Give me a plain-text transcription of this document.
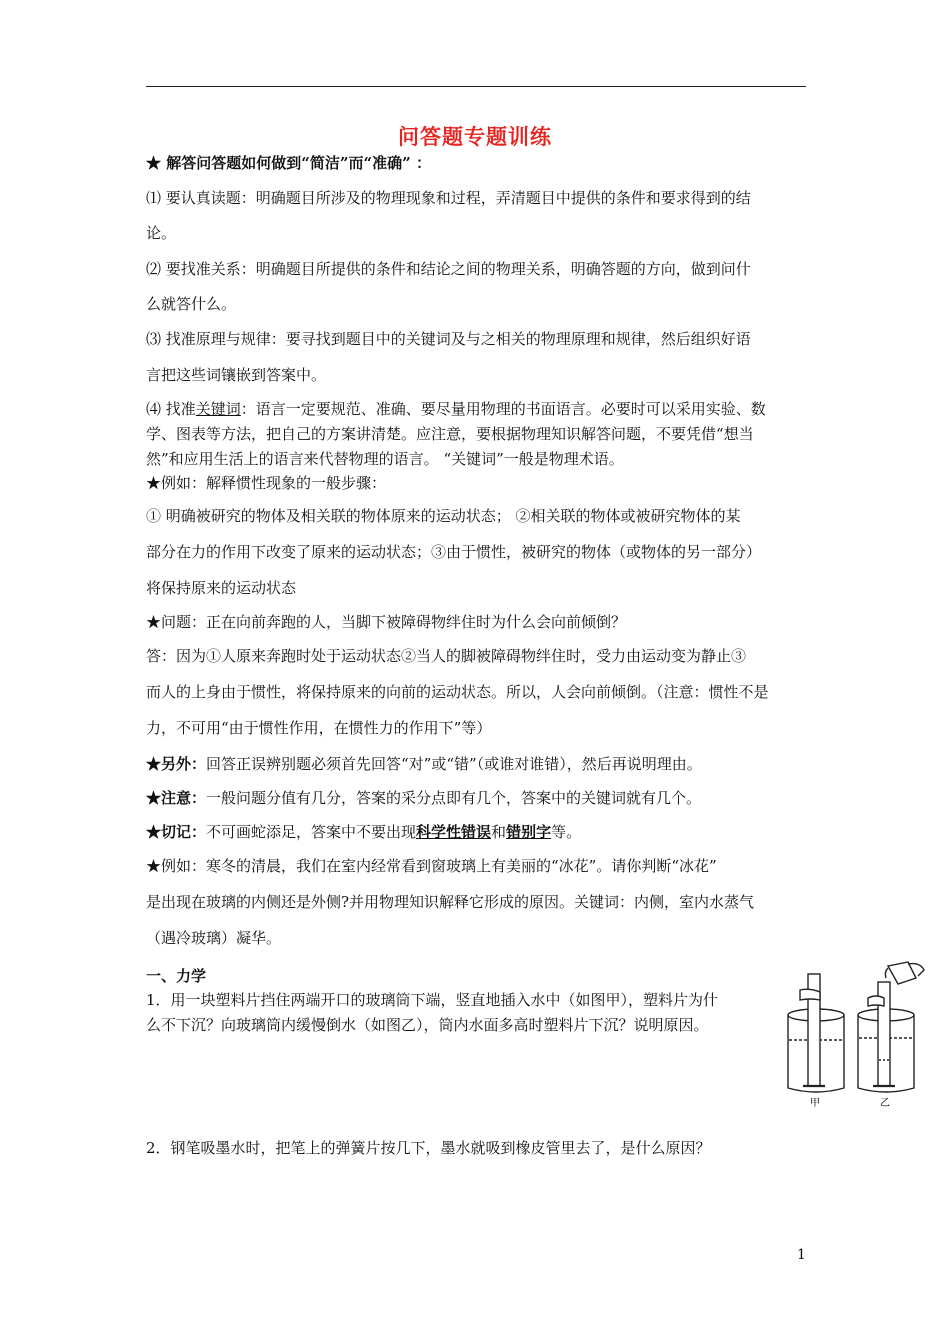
问答题专题训练
★ 解答问答题如何做到“简洁”而“准确” ：
⑴ 要认真读题：明确题目所涉及的物理现象和过程，弄清题目中提供的条件和要求得到的结
论。
⑵ 要找准关系：明确题目所提供的条件和结论之间的物理关系，明确答题的方向，做到问什
么就答什么。
⑶ 找准原理与规律：要寻找到题目中的关键词及与之相关的物理原理和规律，然后组织好语
言把这些词镶嵌到答案中。
⑷ 找准关键词：语言一定要规范、准确、要尽量用物理的书面语言。必要时可以采用实验、数
学、图表等方法，把自己的方案讲清楚。应注意，要根据物理知识解答问题，不要凭借“想当
然”和应用生活上的语言来代替物理的语言。 “关键词”一般是物理术语。
★例如：解释惯性现象的一般步骤：
① 明确被研究的物体及相关联的物体原来的运动状态； ②相关联的物体或被研究物体的某
部分在力的作用下改变了原来的运动状态；③由于惯性，被研究的物体（或物体的另一部分）
将保持原来的运动状态
★问题：正在向前奔跑的人，当脚下被障碍物绊住时为什么会向前倾倒？
答：因为①人原来奔跑时处于运动状态②当人的脚被障碍物绊住时，受力由运动变为静止③
而人的上身由于惯性，将保持原来的向前的运动状态。所以，人会向前倾倒。（注意：惯性不是
力，不可用“由于惯性作用，在惯性力的作用下”等）
★另外：回答正误辨别题必须首先回答“对”或“错”（或谁对谁错），然后再说明理由。
★注意：一般问题分值有几分，答案的采分点即有几个，答案中的关键词就有几个。
★切记：不可画蛇添足，答案中不要出现科学性错误和错别字等。
★例如：寒冬的清晨，我们在室内经常看到窗玻璃上有美丽的“冰花”。请你判断“冰花”
是出现在玻璃的内侧还是外侧?并用物理知识解释它形成的原因。关键词：内侧，室内水蒸气
（遇冷玻璃）凝华。
一、力学
1．用一块塑料片挡住两端开口的玻璃筒下端，竖直地插入水中（如图甲），塑料片为什
么不下沉？向玻璃筒内缓慢倒水（如图乙），筒内水面多高时塑料片下沉？说明原因。
甲	乙
2．钢笔吸墨水时，把笔上的弹簧片按几下，墨水就吸到橡皮管里去了，是什么原因？
1
